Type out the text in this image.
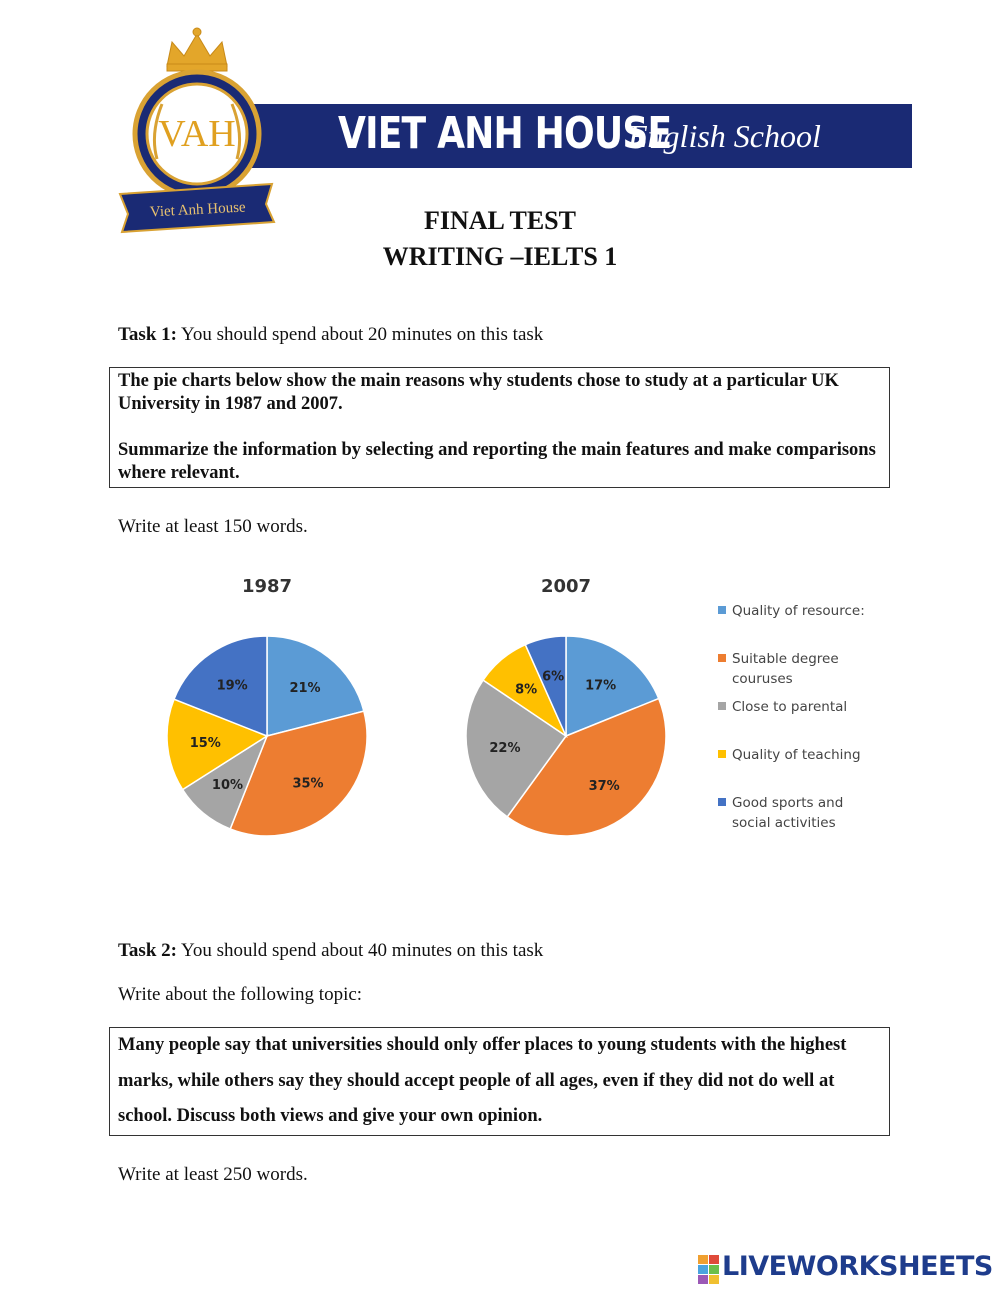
VIET ANH HOUSE
English School
VAH
Viet Anh House	FINAL TEST
WRITING –IELTS 1
Task 1: You should spend about 20 minutes on this task

The pie charts below show the main reasons why students chose to study at a particular UK University in 1987 and 2007.

Summarize the information by selecting and reporting the main features and make comparisons where relevant.

Write at least 150 words.
21%
35%
10%
15%
19%
1987
17%
37%
22%
8%
6%
2007
Quality of resource:
Suitable degree
couruses
Close to parental
Quality of teaching
Good sports and
social activities
Task 2: You should spend about 40 minutes on this task
Write about the following topic:
Many people say that universities should only offer places to young students with the highest marks, while others say they should accept people of all ages, even if they did not do well at school. Discuss both views and give your own opinion.
Write at least 250 words.
LIVEWORKSHEETS
